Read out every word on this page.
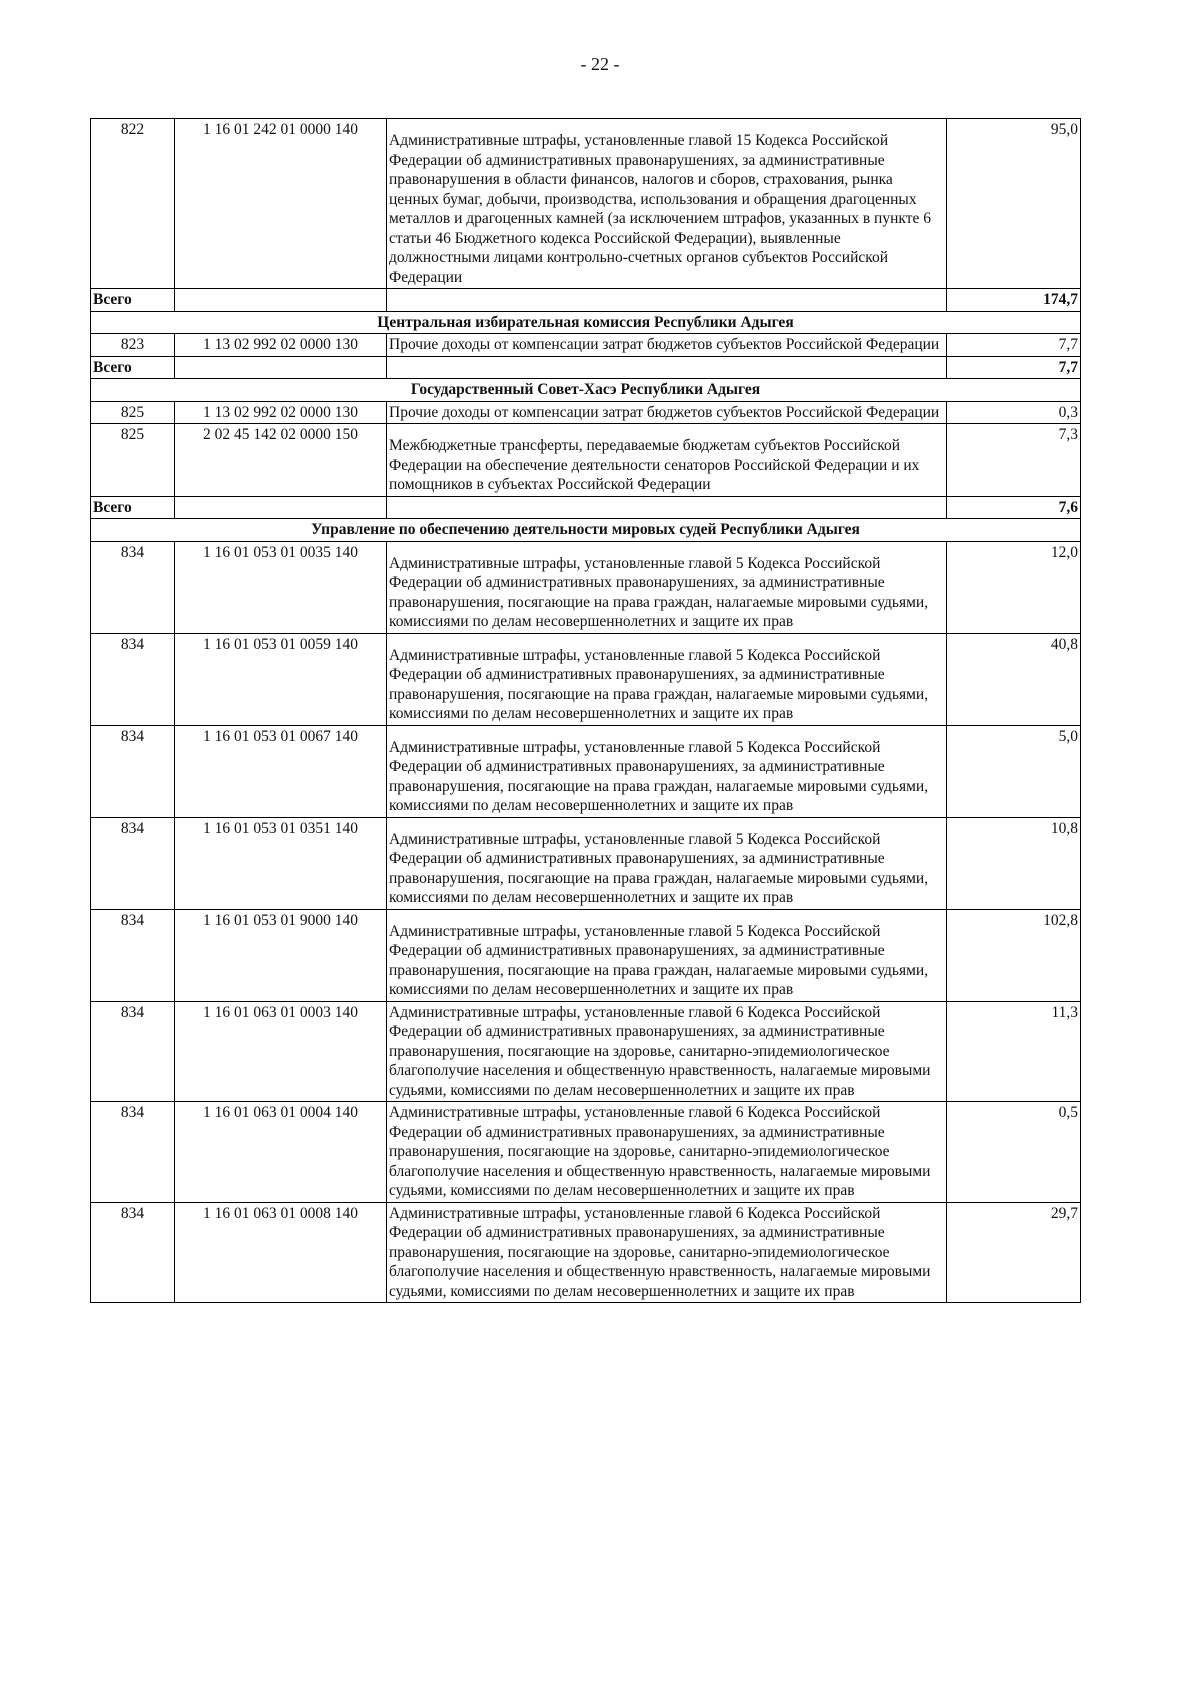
- 22 -
822	1 16 01 242 01 0000 140	Административные штрафы, установленные главой 15 Кодекса Российской Федерации об административных правонарушениях, за административные правонарушения в области финансов, налогов и сборов, страхования, рынка ценных бумаг, добычи, производства, использования и обращения драгоценных металлов и драгоценных камней (за исключением штрафов, указанных в пункте 6 статьи 46 Бюджетного кодекса Российской Федерации), выявленные должностными лицами контрольно-счетных органов субъектов Российской Федерации	95,0
Всего			174,7
Центральная избирательная комиссия Республики Адыгея			
823	1 13 02 992 02 0000 130	Прочие доходы от компенсации затрат бюджетов субъектов Российской Федерации	7,7
Всего			7,7
Государственный Совет-Хасэ Республики Адыгея			
825	1 13 02 992 02 0000 130	Прочие доходы от компенсации затрат бюджетов субъектов Российской Федерации	0,3
825	2 02 45 142 02 0000 150	Межбюджетные трансферты, передаваемые бюджетам субъектов Российской Федерации на обеспечение деятельности сенаторов Российской Федерации и их помощников в субъектах Российской Федерации	7,3
Всего			7,6
Управление по обеспечению деятельности мировых судей Республики Адыгея			
834	1 16 01 053 01 0035 140	Административные штрафы, установленные главой 5 Кодекса Российской Федерации об административных правонарушениях, за административные правонарушения, посягающие на права граждан, налагаемые мировыми судьями, комиссиями по делам несовершеннолетних и защите их прав	12,0
834	1 16 01 053 01 0059 140	Административные штрафы, установленные главой 5 Кодекса Российской Федерации об административных правонарушениях, за административные правонарушения, посягающие на права граждан, налагаемые мировыми судьями, комиссиями по делам несовершеннолетних и защите их прав	40,8
834	1 16 01 053 01 0067 140	Административные штрафы, установленные главой 5 Кодекса Российской Федерации об административных правонарушениях, за административные правонарушения, посягающие на права граждан, налагаемые мировыми судьями, комиссиями по делам несовершеннолетних и защите их прав	5,0
834	1 16 01 053 01 0351 140	Административные штрафы, установленные главой 5 Кодекса Российской Федерации об административных правонарушениях, за административные правонарушения, посягающие на права граждан, налагаемые мировыми судьями, комиссиями по делам несовершеннолетних и защите их прав	10,8
834	1 16 01 053 01 9000 140	Административные штрафы, установленные главой 5 Кодекса Российской Федерации об административных правонарушениях, за административные правонарушения, посягающие на права граждан, налагаемые мировыми судьями, комиссиями по делам несовершеннолетних и защите их прав	102,8
834	1 16 01 063 01 0003 140	Административные штрафы, установленные главой 6 Кодекса Российской Федерации об административных правонарушениях, за административные правонарушения, посягающие на здоровье, санитарно-эпидемиологическое благополучие населения и общественную нравственность, налагаемые мировыми судьями, комиссиями по делам несовершеннолетних и защите их прав	11,3
834	1 16 01 063 01 0004 140	Административные штрафы, установленные главой 6 Кодекса Российской Федерации об административных правонарушениях, за административные правонарушения, посягающие на здоровье, санитарно-эпидемиологическое благополучие населения и общественную нравственность, налагаемые мировыми судьями, комиссиями по делам несовершеннолетних и защите их прав	0,5
834	1 16 01 063 01 0008 140	Административные штрафы, установленные главой 6 Кодекса Российской Федерации об административных правонарушениях, за административные правонарушения, посягающие на здоровье, санитарно-эпидемиологическое благополучие населения и общественную нравственность, налагаемые мировыми судьями, комиссиями по делам несовершеннолетних и защите их прав	29,7
